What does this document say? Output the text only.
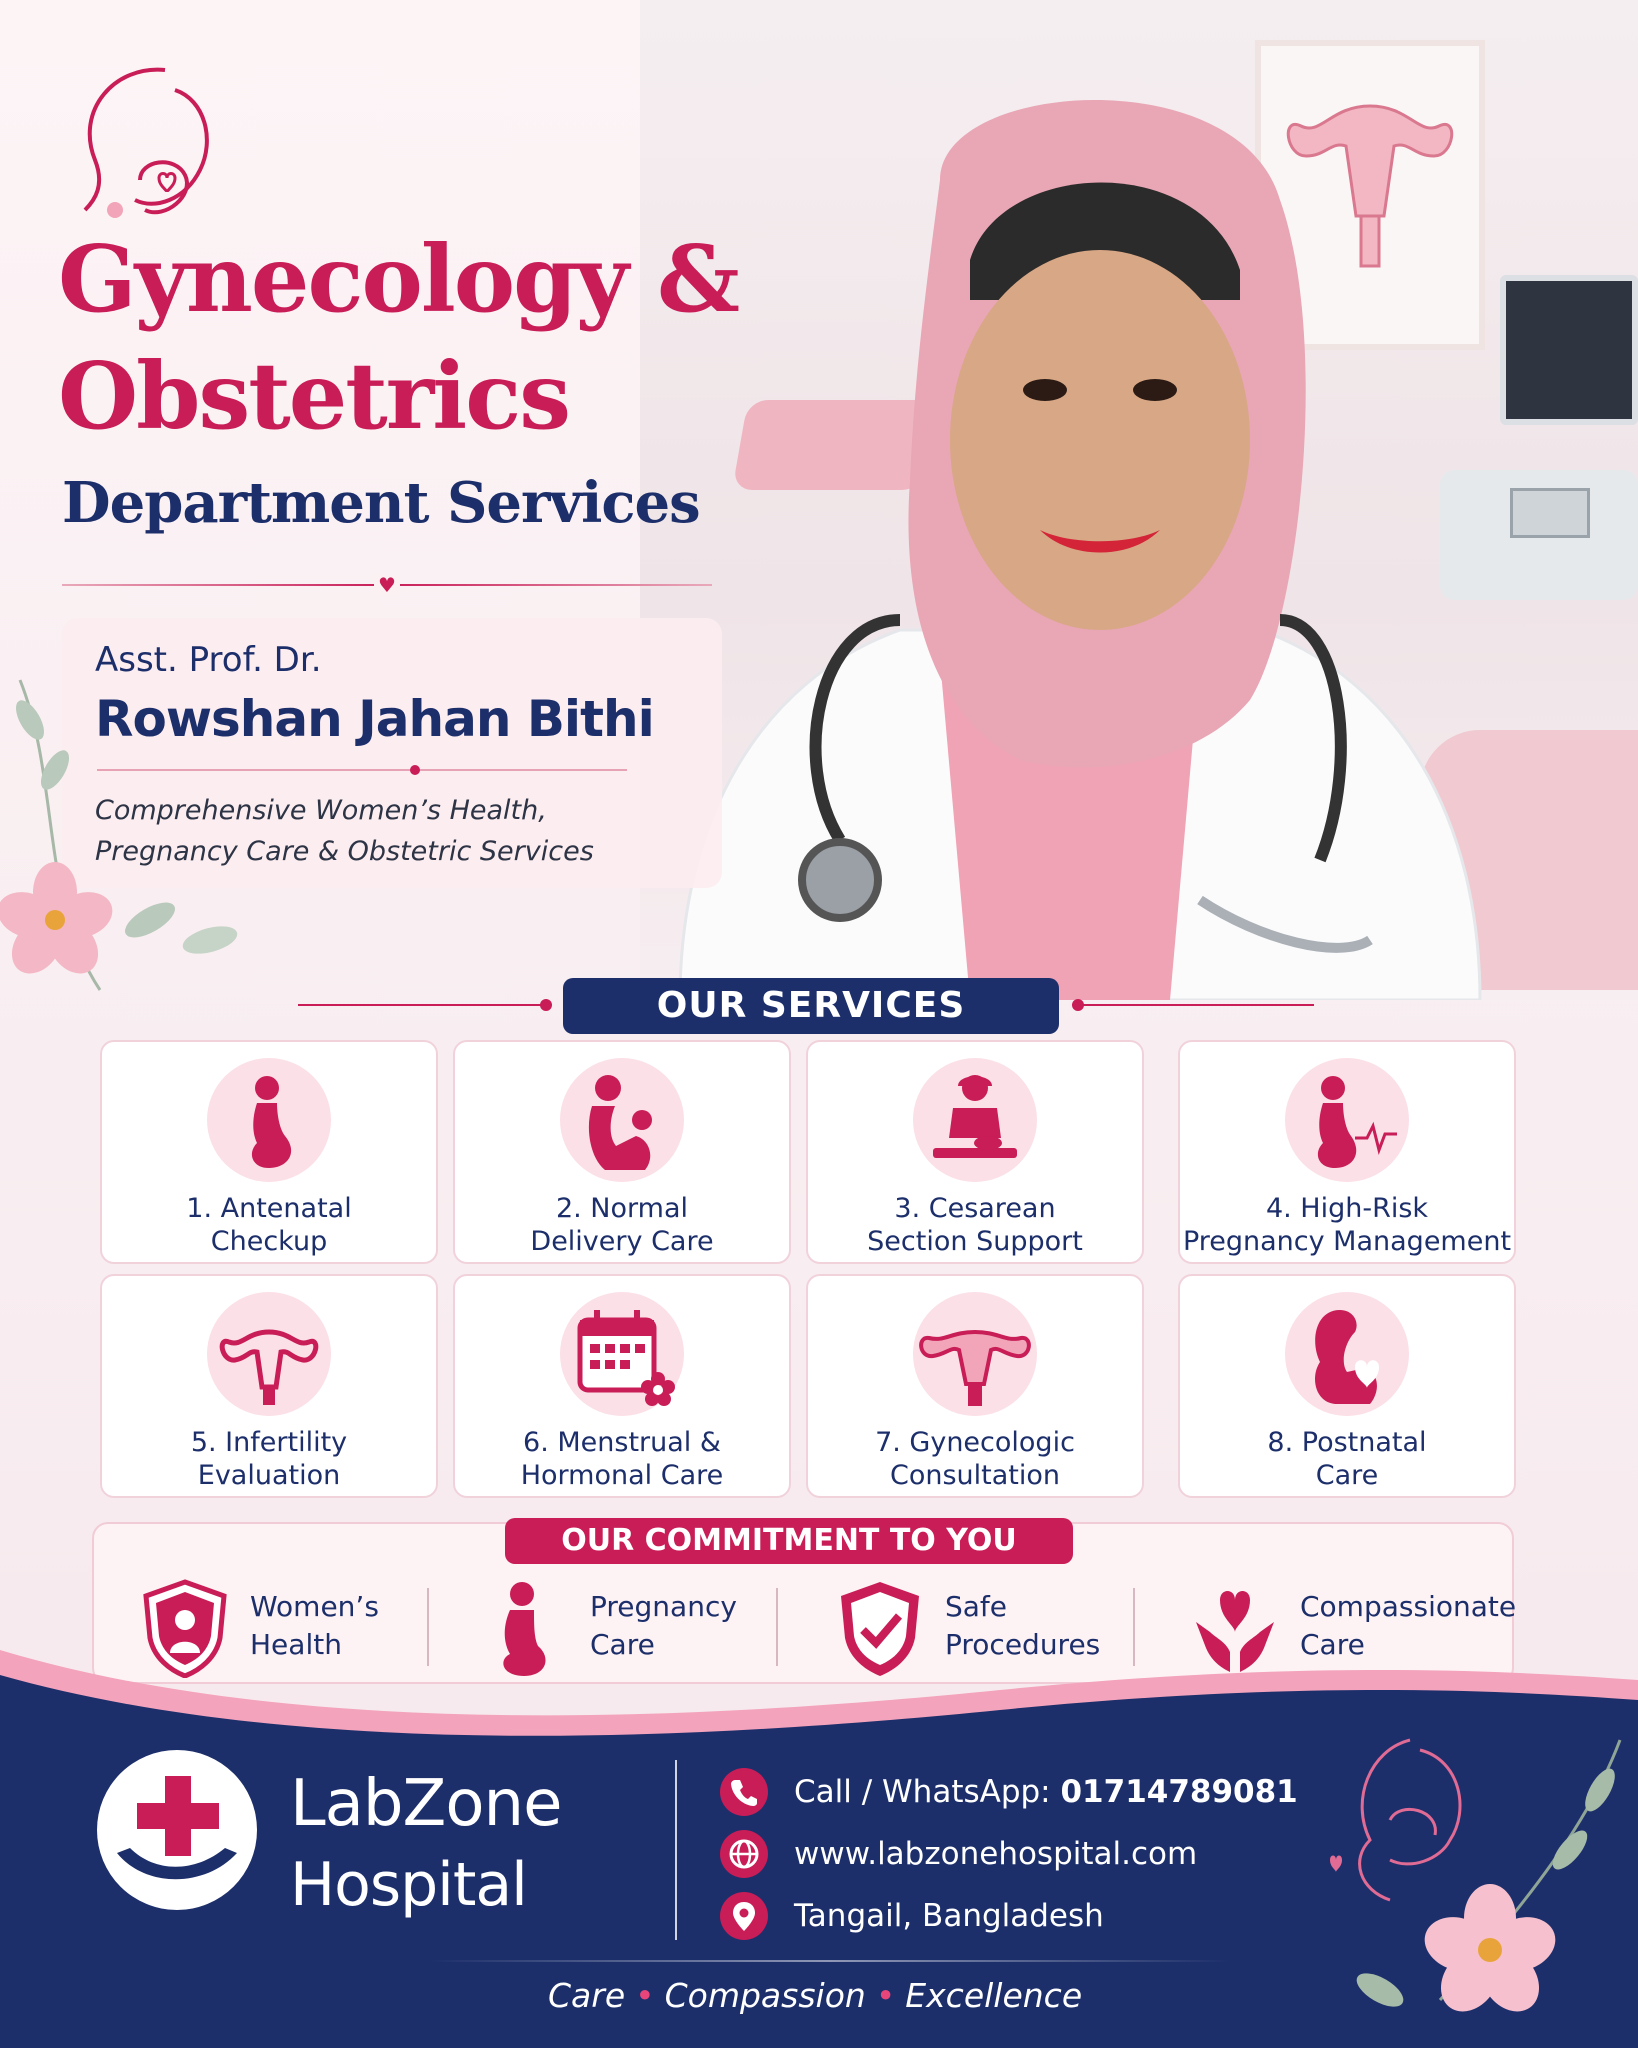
Gynecology &
Obstetrics
Department Services
♥
Asst. Prof. Dr.
Rowshan Jahan Bithi
Comprehensive Women’s Health,
Pregnancy Care & Obstetric Services
OUR SERVICES
1. Antenatal
Checkup
2. Normal
Delivery Care
3. Cesarean
Section Support
4. High-Risk
Pregnancy Management
5. Infertility
Evaluation
6. Menstrual &
Hormonal Care
7. Gynecologic
Consultation
8. Postnatal
Care
OUR COMMITMENT TO YOU
Women’s
Health
Pregnancy
Care
Safe
Procedures
Compassionate
Care
LabZone
Hospital
Call / WhatsApp: 01714789081
www.labzonehospital.com
Tangail, Bangladesh
Care • Compassion • Excellence
